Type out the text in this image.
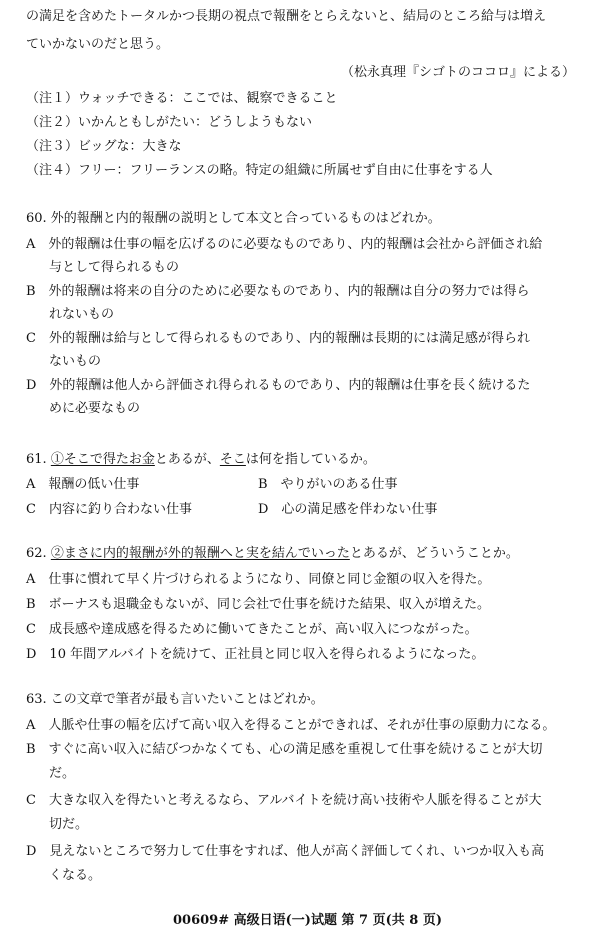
の満足を含めたトータルかつ長期の視点で報酬をとらえないと、結局のところ給与は増え
ていかないのだと思う。
（松永真理『シゴトのココロ』による）
（注１）ウォッチできる：ここでは、観察できること
（注２）いかんともしがたい：どうしようもない
（注３）ビッグな：大きな
（注４）フリー：フリーランスの略。特定の組織に所属せず自由に仕事をする人
60. 外的報酬と内的報酬の説明として本文と合っているものはどれか。
A　外的報酬は仕事の幅を広げるのに必要なものであり、内的報酬は会社から評価され給
与として得られるもの
B　外的報酬は将来の自分のために必要なものであり、内的報酬は自分の努力では得ら
れないもの
C　外的報酬は給与として得られるものであり、内的報酬は長期的には満足感が得られ
ないもの
D　外的報酬は他人から評価され得られるものであり、内的報酬は仕事を長く続けるた
めに必要なもの
61. ①そこで得たお金とあるが、そこは何を指しているか。
A　報酬の低い仕事	B　やりがいのある仕事
C　内容に釣り合わない仕事	D　心の満足感を伴わない仕事
62. ②まさに内的報酬が外的報酬へと実を結んでいったとあるが、どういうことか。
A　仕事に慣れて早く片づけられるようになり、同僚と同じ金額の収入を得た。
B　ボーナスも退職金もないが、同じ会社で仕事を続けた結果、収入が増えた。
C　成長感や達成感を得るために働いてきたことが、高い収入につながった。
D　10 年間アルバイトを続けて、正社員と同じ収入を得られるようになった。
63. この文章で筆者が最も言いたいことはどれか。
A　人脈や仕事の幅を広げて高い収入を得ることができれば、それが仕事の原動力になる。
B　すぐに高い収入に結びつかなくても、心の満足感を重視して仕事を続けることが大切
だ。
C　大きな収入を得たいと考えるなら、アルバイトを続け高い技術や人脈を得ることが大
切だ。
D　見えないところで努力して仕事をすれば、他人が高く評価してくれ、いつか収入も高
くなる。
00609# 高级日语(一)试题 第 7 页(共 8 页)
